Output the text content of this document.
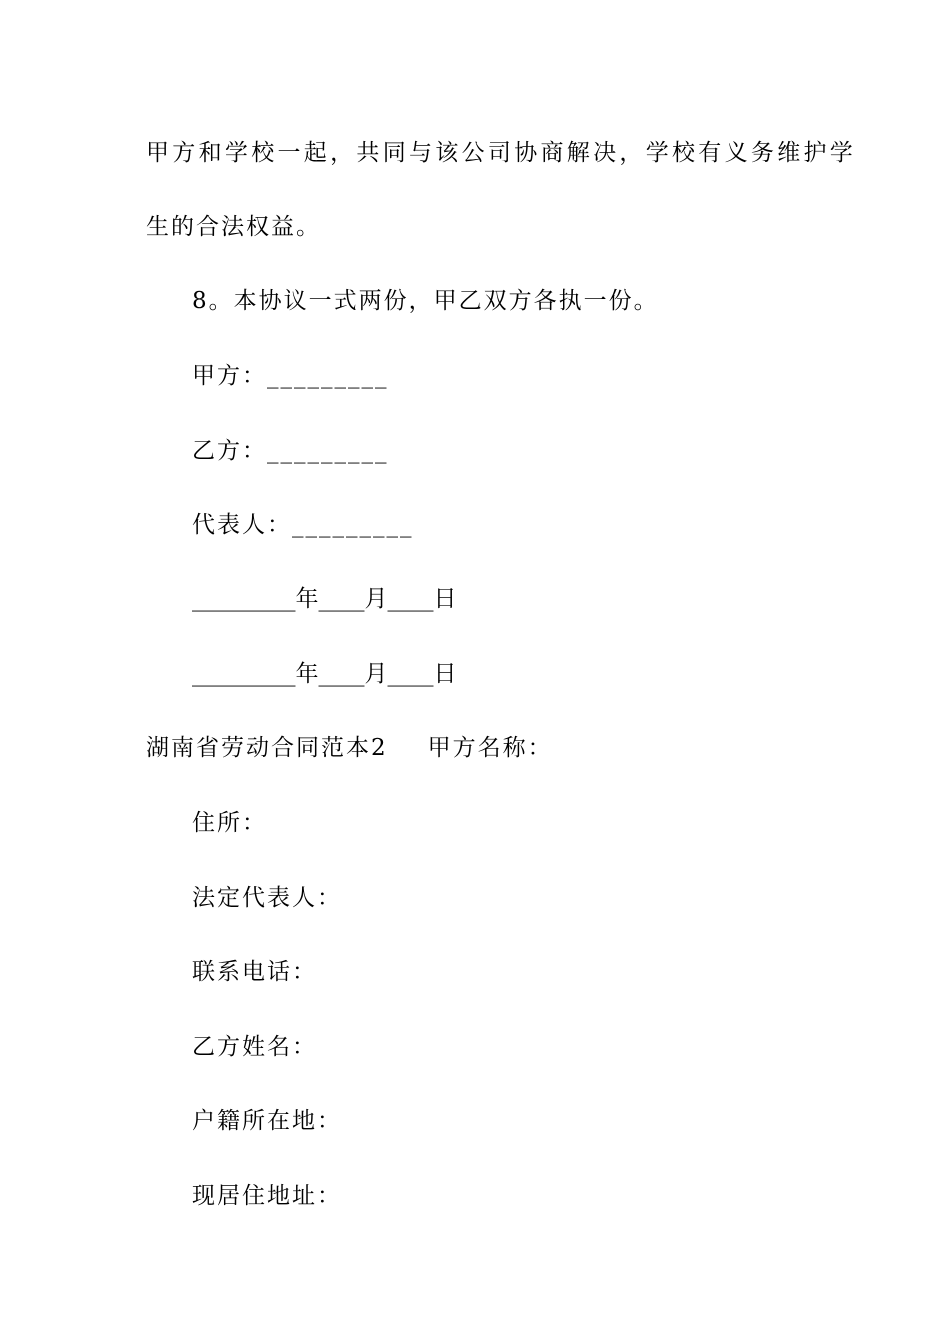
甲方和学校一起，共同与该公司协商解决，学校有义务维护学
生的合法权益。
8。本协议一式两份，甲乙双方各执一份。
甲方：_________
乙方：_________
代表人：_________
_________年____月____日
_________年____月____日
湖南省劳动合同范本2 甲方名称：
住所：
法定代表人：
联系电话：
乙方姓名：
户籍所在地：
现居住地址：
